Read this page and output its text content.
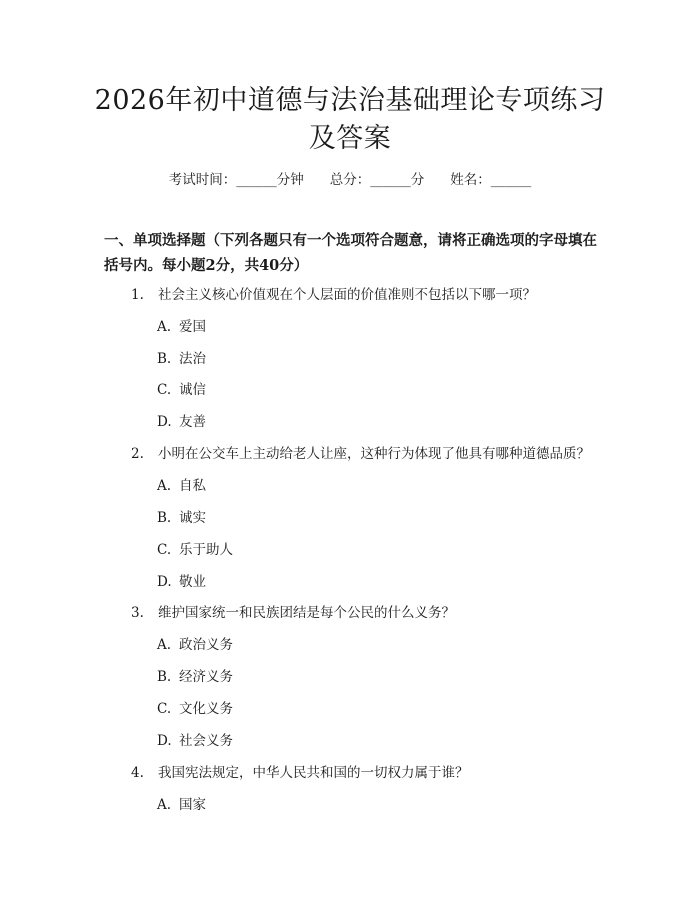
2026年初中道德与法治基础理论专项练习及答案
考试时间：______分钟 总分：______分 姓名：______
一、单项选择题（下列各题只有一个选项符合题意，请将正确选项的字母填在括号内。每小题2分，共40分）
1. 社会主义核心价值观在个人层面的价值准则不包括以下哪一项？
A. 爱国
B. 法治
C. 诚信
D. 友善
2. 小明在公交车上主动给老人让座，这种行为体现了他具有哪种道德品质？
A. 自私
B. 诚实
C. 乐于助人
D. 敬业
3. 维护国家统一和民族团结是每个公民的什么义务？
A. 政治义务
B. 经济义务
C. 文化义务
D. 社会义务
4. 我国宪法规定，中华人民共和国的一切权力属于谁？
A. 国家
